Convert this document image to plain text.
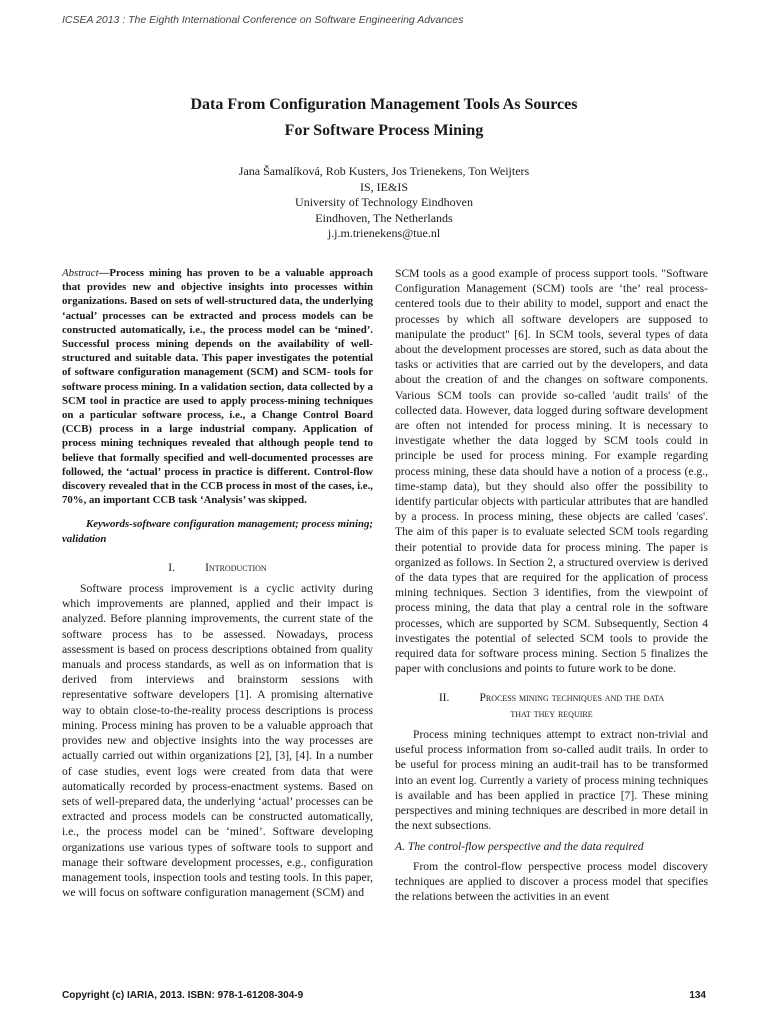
ICSEA 2013 : The Eighth International Conference on Software Engineering Advances
Data From Configuration Management Tools As Sources
For Software Process Mining
Jana Šamalíková, Rob Kusters, Jos Trienekens, Ton Weijters
IS, IE&IS
University of Technology Eindhoven
Eindhoven, The Netherlands
j.j.m.trienekens@tue.nl

Abstract—Process mining has proven to be a valuable approach that provides new and objective insights into processes within organizations. Based on sets of well-structured data, the underlying ‘actual’ processes can be extracted and process models can be constructed automatically, i.e., the process model can be ‘mined’. Successful process mining depends on the availability of well-structured and suitable data. This paper investigates the potential of software configuration management (SCM) and SCM- tools for software process mining. In a validation section, data collected by a SCM tool in practice are used to apply process-mining techniques on a particular software process, i.e., a Change Control Board (CCB) process in a large industrial company. Application of process mining techniques revealed that although people tend to believe that formally specified and well-documented processes are followed, the ‘actual’ process in practice is different. Control-flow discovery revealed that in the CCB process in most of the cases, i.e., 70%, an important CCB task ‘Analysis’ was skipped.

Keywords-software configuration management; process mining; validation

I.	Introduction

Software process improvement is a cyclic activity during which improvements are planned, applied and their impact is analyzed. Before planning improvements, the current state of the software process has to be assessed. Nowadays, process assessment is based on process descriptions obtained from quality manuals and process standards, as well as on information that is derived from interviews and brainstorm sessions with representative software developers [1]. A promising alternative way to obtain close-to-the-reality process descriptions is process mining. Process mining has proven to be a valuable approach that provides new and objective insights into the way processes are actually carried out within organizations [2], [3], [4]. In a number of case studies, event logs were created from data that were automatically recorded by process-enactment systems. Based on sets of well-prepared data, the underlying ‘actual’ processes can be extracted and process models can be constructed automatically, i.e., the process model can be ‘mined’. Software developing organizations use various types of software tools to support and manage their software development processes, e.g., configuration management tools, inspection tools and testing tools. In this paper, we will focus on software configuration management (SCM) and

SCM tools as a good example of process support tools. "Software Configuration Management (SCM) tools are ‘the’ real process-centered tools due to their ability to model, support and enact the processes by which all software developers are supposed to manipulate the product" [6]. In SCM tools, several types of data about the development processes are stored, such as data about the tasks or activities that are carried out by the developers, and data about the creation of and the changes on software components. Various SCM tools can provide so-called 'audit trails' of the collected data. However, data logged during software development are often not intended for process mining. It is necessary to investigate whether the data logged by SCM tools could in principle be used for process mining. For example regarding process mining, these data should have a notion of a process (e.g., time-stamp data), but they should also offer the possibility to identify particular objects with particular attributes that are handled by a process. In process mining, these objects are called 'cases'. The aim of this paper is to evaluate selected SCM tools regarding their potential to provide data for process mining. The paper is organized as follows. In Section 2, a structured overview is derived of the data types that are required for the application of process mining techniques. Section 3 identifies, from the viewpoint of process mining, the data that play a central role in the software processes, which are supported by SCM. Subsequently, Section 4 investigates the potential of selected SCM tools to provide the required data for software process mining. Section 5 finalizes the paper with conclusions and points to future work to be done.

II.	Process mining techniques and the data
that they require

Process mining techniques attempt to extract non-trivial and useful process information from so-called audit trails. In order to be useful for process mining an audit-trail has to be transformed into an event log. Currently a variety of process mining techniques is available and has been applied in practice [7]. These mining perspectives and mining techniques are described in more detail in the next subsections.

A. The control-flow perspective and the data required

From the control-flow perspective process model discovery techniques are applied to discover a process model that specifies the relations between the activities in an event

Copyright (c) IARIA, 2013. ISBN: 978-1-61208-304-9	134
